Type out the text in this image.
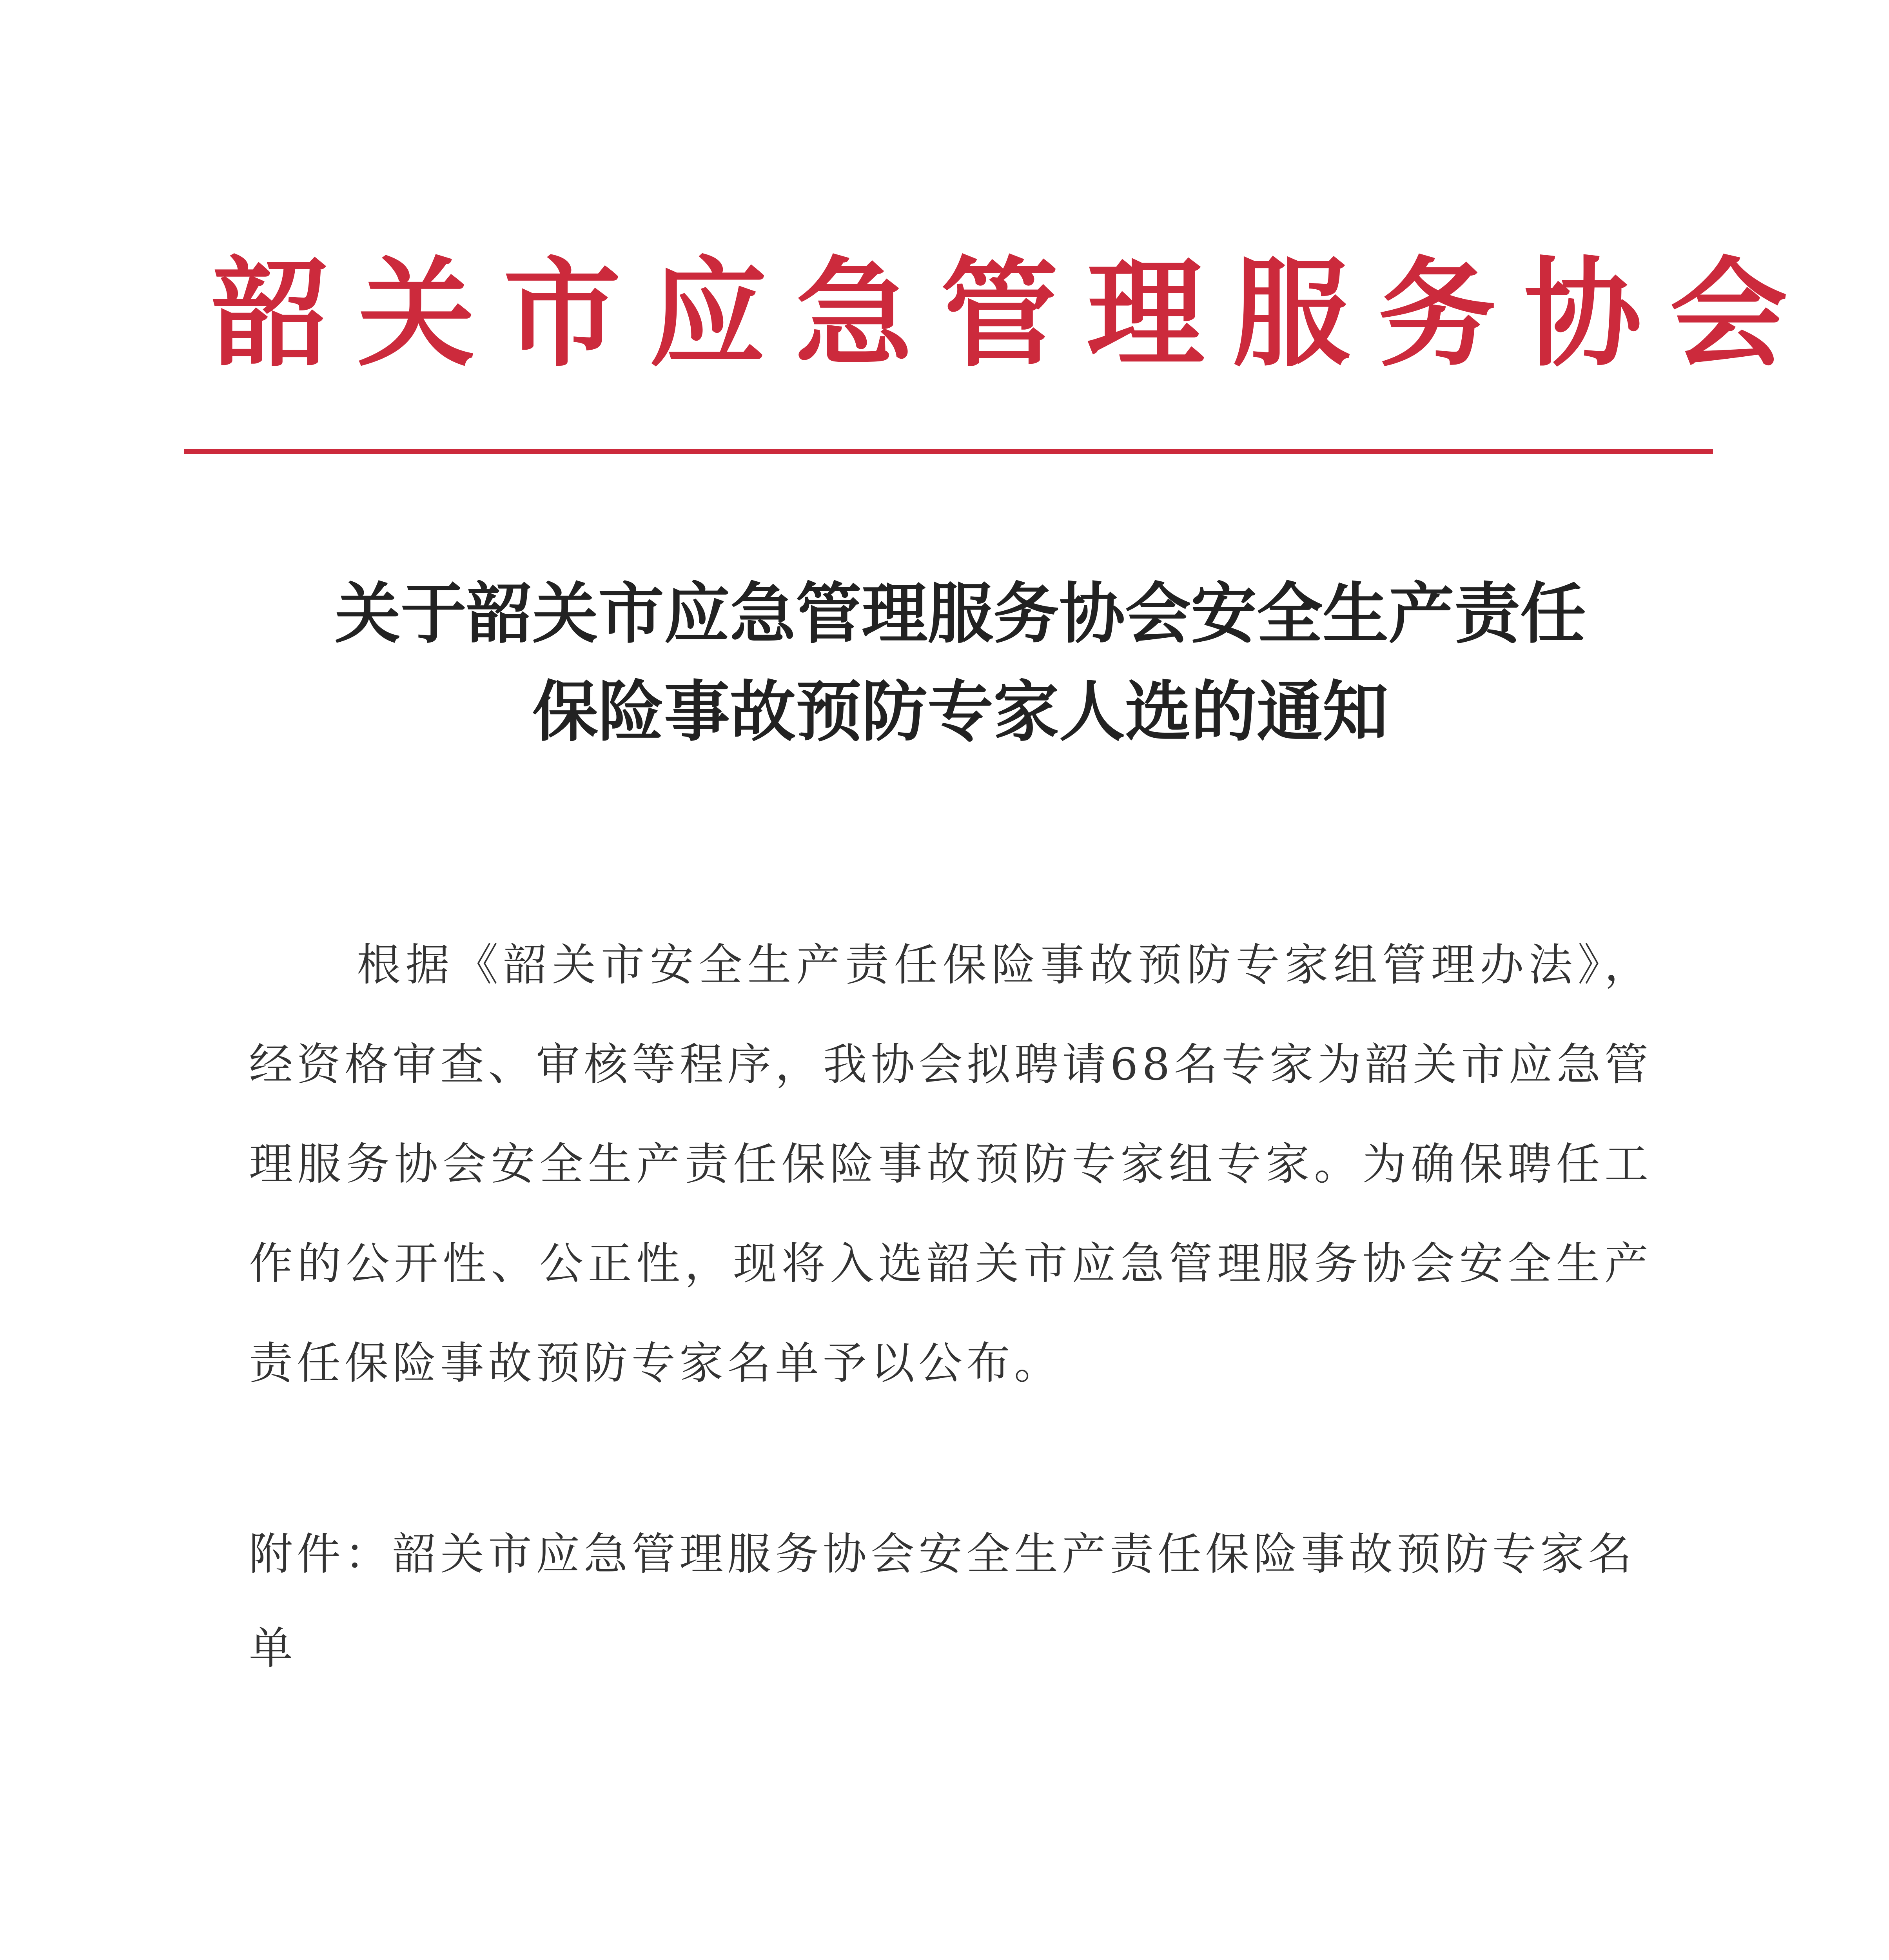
韶关市应急管理服务协会
关于韶关市应急管理服务协会安全生产责任
保险事故预防专家人选的通知
根据《韶关市安全生产责任保险事故预防专家组管理办法》，经资格审查、审核等程序，我协会拟聘请68名专家为韶关市应急管理服务协会安全生产责任保险事故预防专家组专家。为确保聘任工作的公开性、公正性，现将入选韶关市应急管理服务协会安全生产责任保险事故预防专家名单予以公布。
附件：韶关市应急管理服务协会安全生产责任保险事故预防专家名单
